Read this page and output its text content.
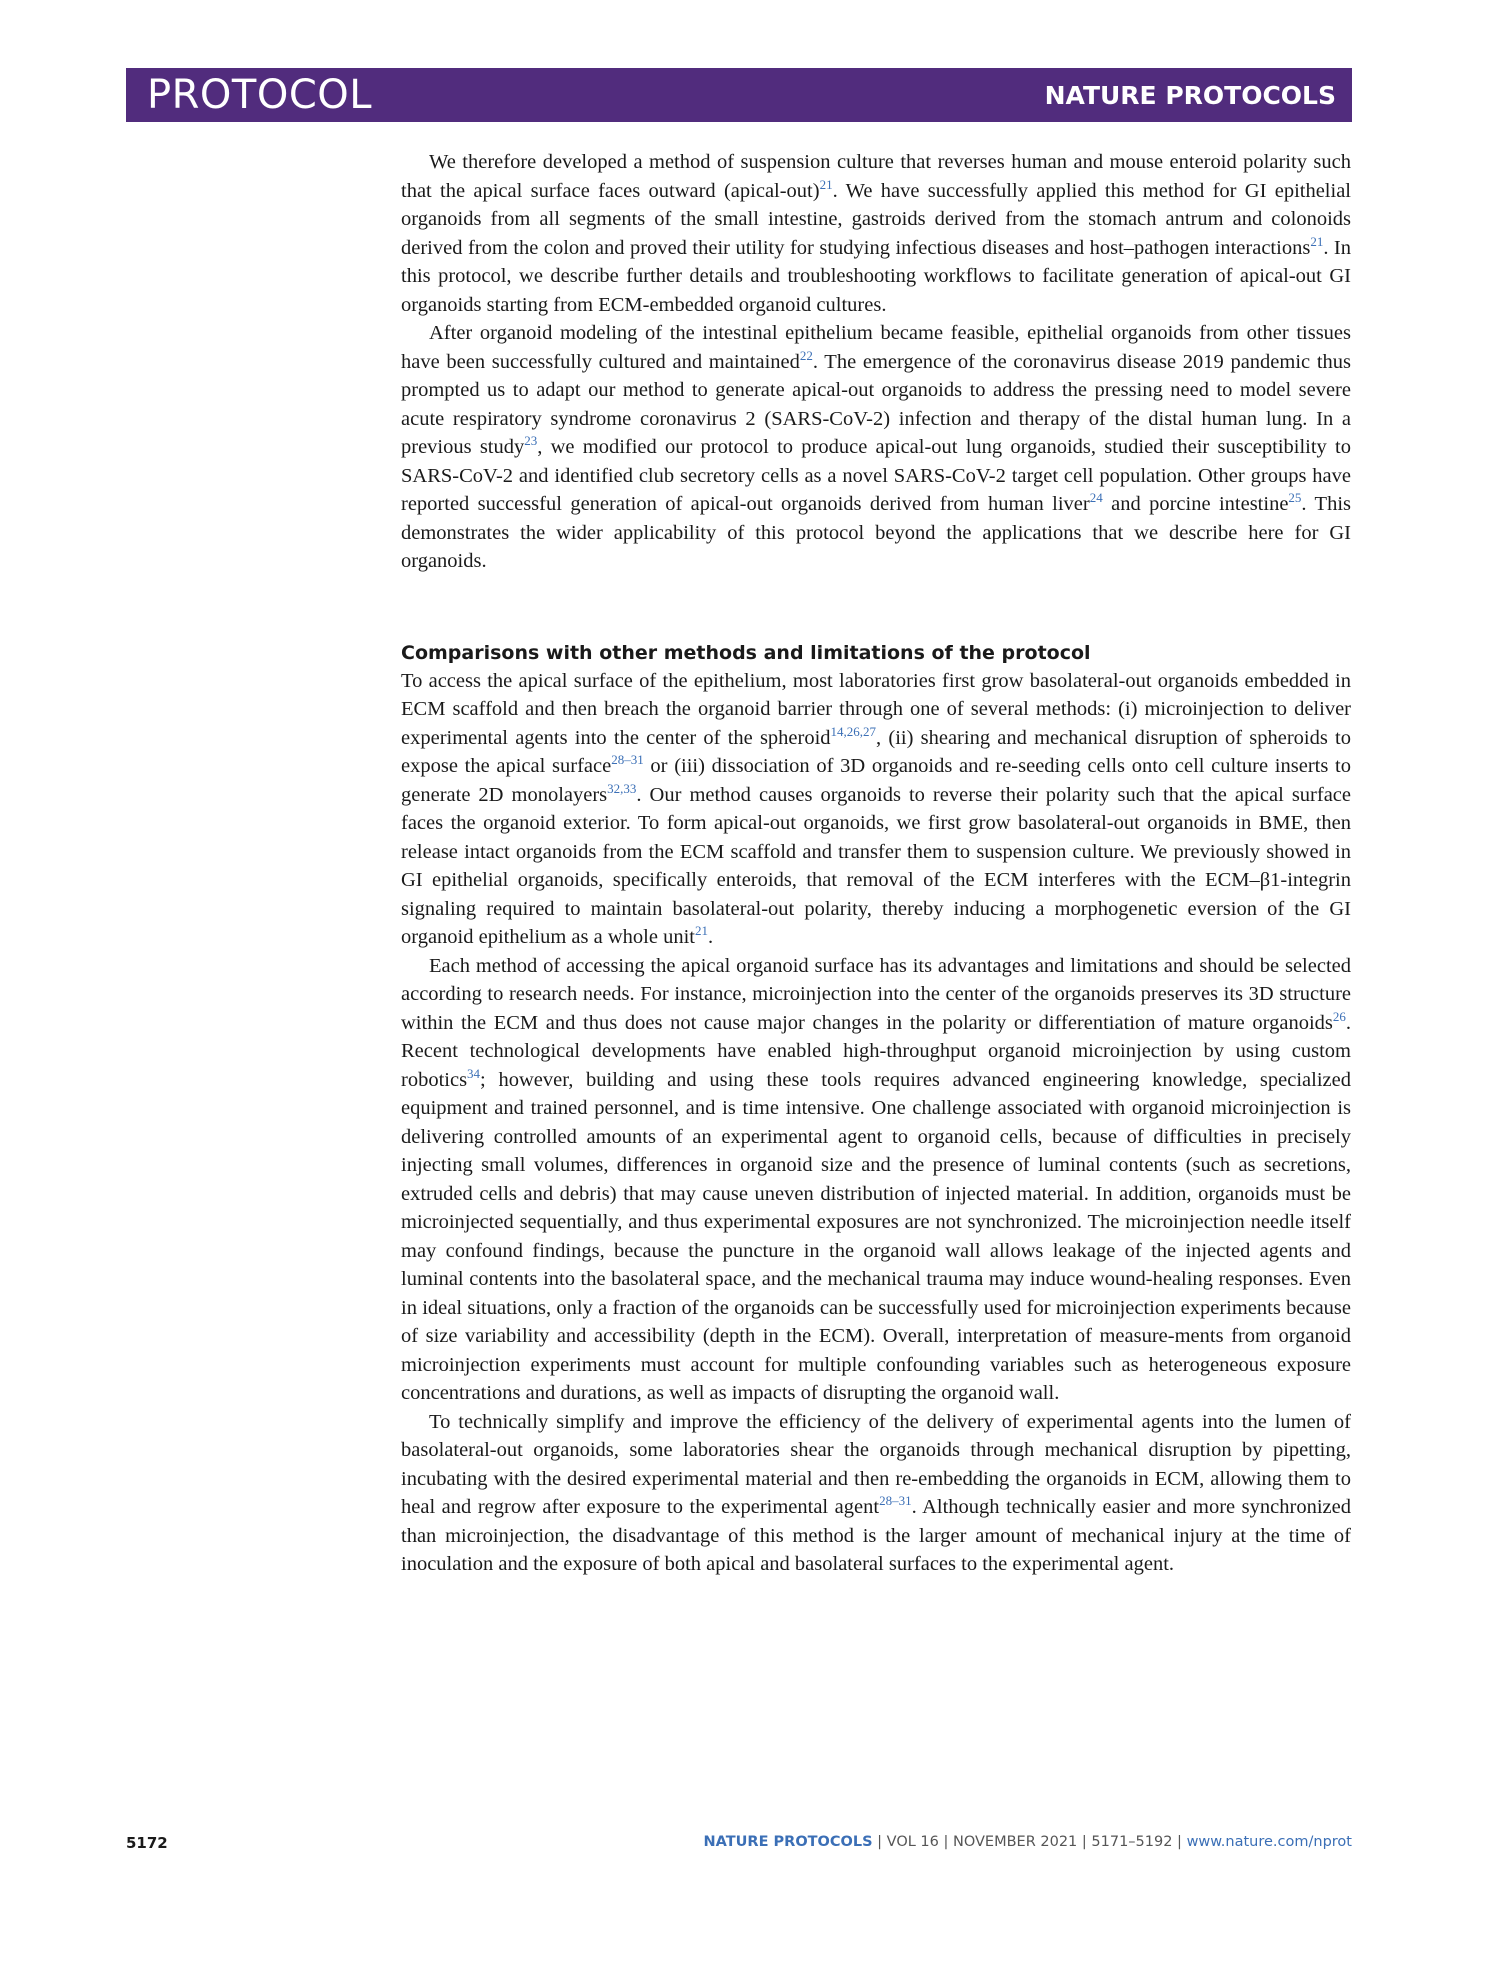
PROTOCOL	NATURE PROTOCOLS

We therefore developed a method of suspension culture that reverses human and mouse enteroid polarity such that the apical surface faces outward (apical-out)$^{21}$. We have successfully applied this method for GI epithelial organoids from all segments of the small intestine, gastroids derived from the stomach antrum and colonoids derived from the colon and proved their utility for studying infectious diseases and host–pathogen interactions$^{21}$. In this protocol, we describe further details and troubleshooting workflows to facilitate generation of apical-out GI organoids starting from ECM-embedded organoid cultures.

After organoid modeling of the intestinal epithelium became feasible, epithelial organoids from other tissues have been successfully cultured and maintained$^{22}$. The emergence of the coronavirus disease 2019 pandemic thus prompted us to adapt our method to generate apical-out organoids to address the pressing need to model severe acute respiratory syndrome coronavirus 2 (SARS-CoV-2) infection and therapy of the distal human lung. In a previous study$^{23}$, we modified our protocol to produce apical-out lung organoids, studied their susceptibility to SARS-CoV-2 and identified club secretory cells as a novel SARS-CoV-2 target cell population. Other groups have reported successful generation of apical-out organoids derived from human liver$^{24}$ and porcine intestine$^{25}$. This demonstrates the wider applicability of this protocol beyond the applications that we describe here for GI organoids.

Comparisons with other methods and limitations of the protocol

To access the apical surface of the epithelium, most laboratories first grow basolateral-out organoids embedded in ECM scaffold and then breach the organoid barrier through one of several methods: (i) microinjection to deliver experimental agents into the center of the spheroid$^{14,26,27}$, (ii) shearing and mechanical disruption of spheroids to expose the apical surface$^{28-31}$ or (iii) dissociation of 3D organoids and re-seeding cells onto cell culture inserts to generate 2D monolayers$^{32,33}$. Our method causes organoids to reverse their polarity such that the apical surface faces the organoid exterior. To form apical-out organoids, we first grow basolateral-out organoids in BME, then release intact organoids from the ECM scaffold and transfer them to suspension culture. We previously showed in GI epithelial organoids, specifically enteroids, that removal of the ECM interferes with the ECM–β1-integrin signaling required to maintain basolateral-out polarity, thereby inducing a morphogenetic eversion of the GI organoid epithelium as a whole unit$^{21}$.

Each method of accessing the apical organoid surface has its advantages and limitations and should be selected according to research needs. For instance, microinjection into the center of the organoids preserves its 3D structure within the ECM and thus does not cause major changes in the polarity or differentiation of mature organoids$^{26}$. Recent technological developments have enabled high-throughput organoid microinjection by using custom robotics$^{34}$; however, building and using these tools requires advanced engineering knowledge, specialized equipment and trained personnel, and is time intensive. One challenge associated with organoid microinjection is delivering controlled amounts of an experimental agent to organoid cells, because of difficulties in precisely injecting small volumes, differences in organoid size and the presence of luminal contents (such as secretions, extruded cells and debris) that may cause uneven distribution of injected material. In addition, organoids must be microinjected sequentially, and thus experimental exposures are not synchronized. The microinjection needle itself may confound findings, because the puncture in the organoid wall allows leakage of the injected agents and luminal contents into the basolateral space, and the mechanical trauma may induce wound-healing responses. Even in ideal situations, only a fraction of the organoids can be successfully used for microinjection experiments because of size variability and accessibility (depth in the ECM). Overall, interpretation of measure-ments from organoid microinjection experiments must account for multiple confounding variables such as heterogeneous exposure concentrations and durations, as well as impacts of disrupting the organoid wall.

To technically simplify and improve the efficiency of the delivery of experimental agents into the lumen of basolateral-out organoids, some laboratories shear the organoids through mechanical disruption by pipetting, incubating with the desired experimental material and then re-embedding the organoids in ECM, allowing them to heal and regrow after exposure to the experimental agent$^{28-31}$. Although technically easier and more synchronized than microinjection, the disadvantage of this method is the larger amount of mechanical injury at the time of inoculation and the exposure of both apical and basolateral surfaces to the experimental agent.

5172	NATURE PROTOCOLS | VOL 16 | NOVEMBER 2021 | 5171–5192 | www.nature.com/nprot
